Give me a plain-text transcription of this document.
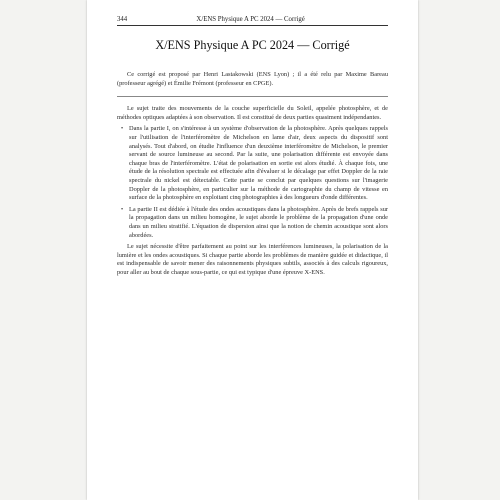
344	X/ENS Physique A PC 2024 — Corrigé
X/ENS Physique A PC 2024 — Corrigé

Ce corrigé est proposé par Henri Lastakowski (ENS Lyon) ; il a été relu par Maxime Bareau (professeur agrégé) et Émilie Frémont (professeur en CPGE).

Le sujet traite des mouvements de la couche superficielle du Soleil, appelée photosphère, et de méthodes optiques adaptées à son observation. Il est constitué de deux parties quasiment indépendantes.

• Dans la partie I, on s'intéresse à un système d'observation de la photosphère. Après quelques rappels sur l'utilisation de l'interféromètre de Michelson en lame d'air, deux aspects du dispositif sont analysés. Tout d'abord, on étudie l'influence d'un deuxième interféromètre de Michelson, le premier servant de source lumineuse au second. Par la suite, une polarisation différente est envoyée dans chaque bras de l'interféromètre. L'état de polarisation en sortie est alors étudié. À chaque fois, une étude de la résolution spectrale est effectuée afin d'évaluer si le décalage par effet Doppler de la raie spectrale du nickel est détectable. Cette partie se conclut par quelques questions sur l'imagerie Doppler de la photosphère, en particulier sur la méthode de cartographie du champ de vitesse en surface de la photosphère en exploitant cinq photographies à des longueurs d'onde différentes.
• La partie II est dédiée à l'étude des ondes acoustiques dans la photosphère. Après de brefs rappels sur la propagation dans un milieu homogène, le sujet aborde le problème de la propagation d'une onde dans un milieu stratifié. L'équation de dispersion ainsi que la notion de chemin acoustique sont alors abordées.

Le sujet nécessite d'être parfaitement au point sur les interférences lumineuses, la polarisation de la lumière et les ondes acoustiques. Si chaque partie aborde les problèmes de manière guidée et didactique, il est indispensable de savoir mener des raisonnements physiques subtils, associés à des calculs rigoureux, pour aller au bout de chaque sous-partie, ce qui est typique d'une épreuve X-ENS.
